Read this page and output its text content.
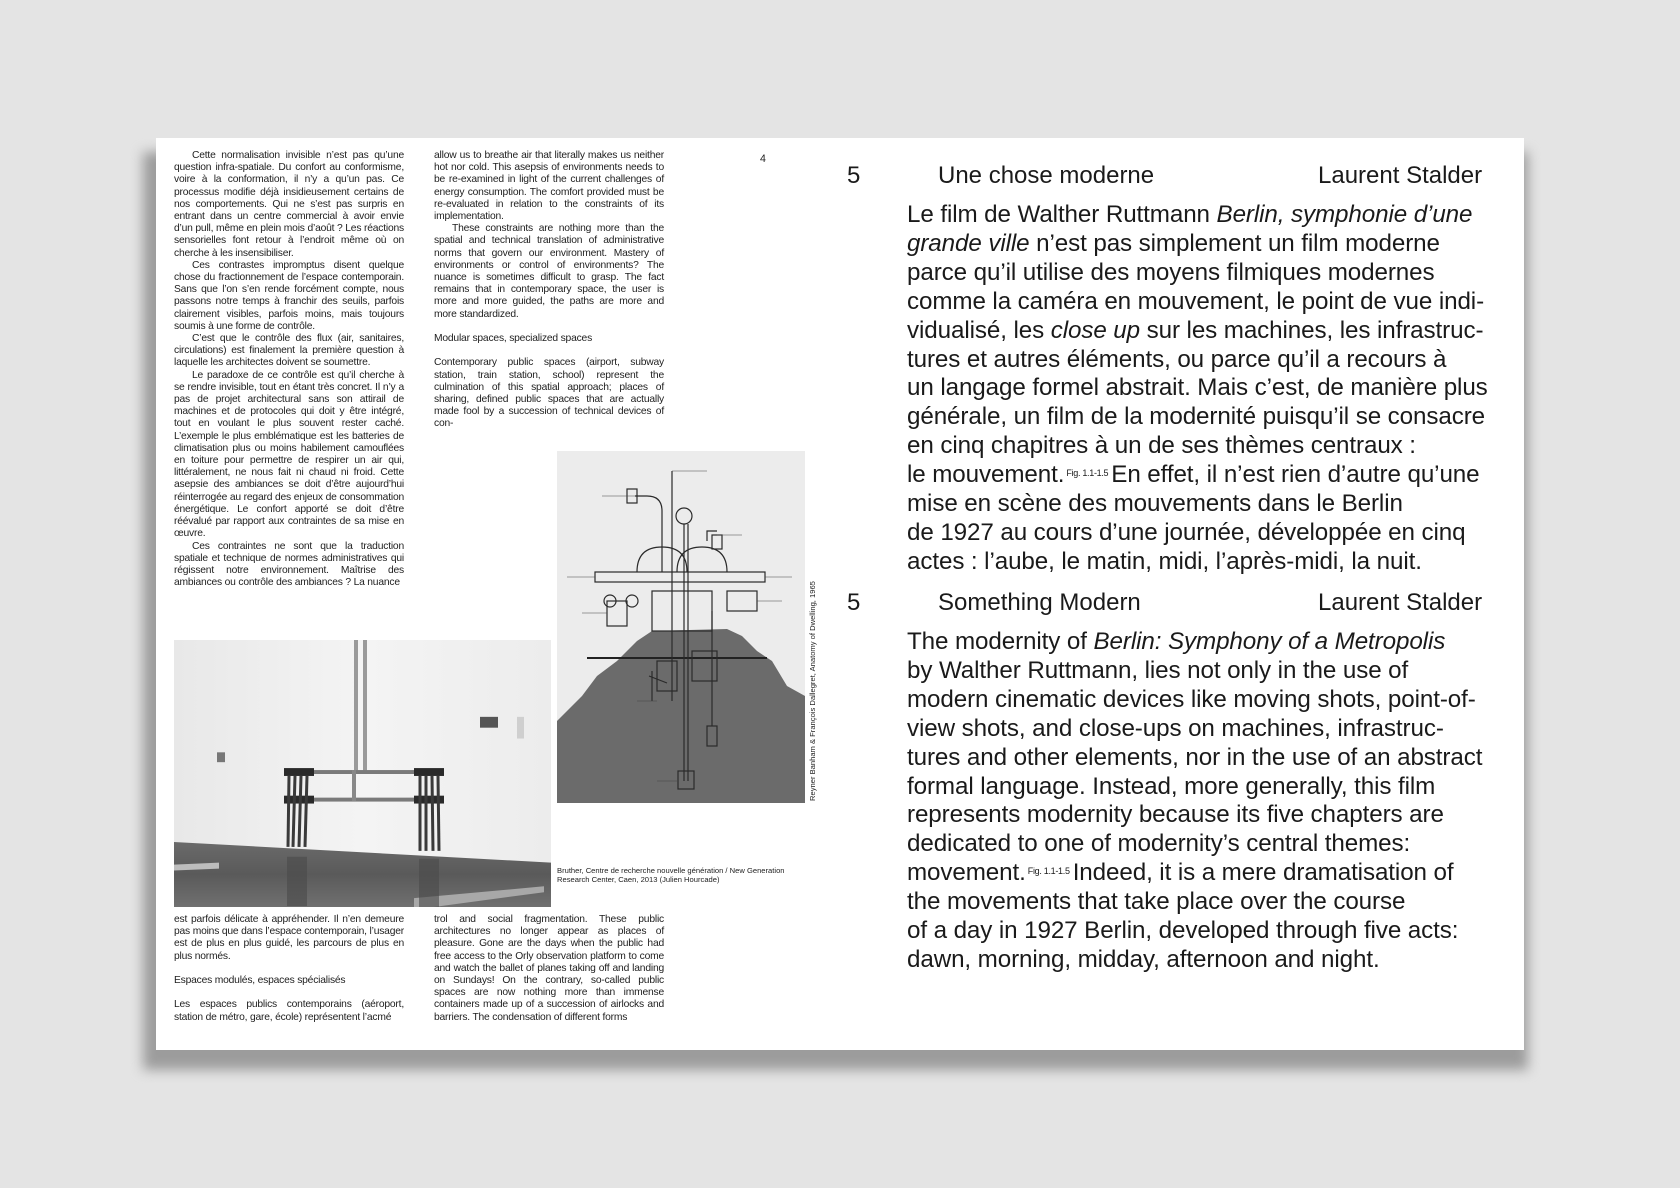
Cette normalisation invisible n’est pas qu’une question infra-spatiale. Du confort au conformisme, voire à la conformation, il n’y a qu’un pas. Ce processus modifie déjà insidieusement certains de nos comportements. Qui ne s’est pas surpris en entrant dans un centre commercial à avoir envie d’un pull, même en plein mois d’août ? Les réactions sensorielles font retour à l’endroit même où on cherche à les insensibiliser.

Ces contrastes impromptus disent quelque chose du fractionnement de l’espace contemporain. Sans que l’on s’en rende forcément compte, nous passons notre temps à franchir des seuils, parfois clairement visibles, parfois moins, mais toujours soumis à une forme de contrôle.

C’est que le contrôle des flux (air, sanitaires, circulations) est finalement la première question à laquelle les architectes doivent se soumettre.

Le paradoxe de ce contrôle est qu’il cherche à se rendre invisible, tout en étant très concret. Il n’y a pas de projet architectural sans son attirail de machines et de protocoles qui doit y être intégré, tout en voulant le plus souvent rester caché. L’exemple le plus emblématique est les batteries de climatisation plus ou moins habilement camouflées en toiture pour permettre de respirer un air qui, littéralement, ne nous fait ni chaud ni froid. Cette asepsie des ambiances se doit d’être aujourd’hui réinterrogée au regard des enjeux de consommation énergétique. Le confort apporté se doit d’être réévalué par rapport aux contraintes de sa mise en œuvre.

Ces contraintes ne sont que la traduction spatiale et technique de normes administratives qui régissent notre environnement. Maîtrise des ambiances ou contrôle des ambiances ? La nuance

allow us to breathe air that literally makes us neither hot nor cold. This asepsis of environments needs to be re-examined in light of the current challenges of energy consumption. The comfort provided must be re-evaluated in relation to the constraints of its implementation.

These constraints are nothing more than the spatial and technical translation of administrative norms that govern our environment. Mastery of environments or control of environments? The nuance is sometimes difficult to grasp. The fact remains that in contemporary space, the user is more and more guided, the paths are more and more standardized.

Modular spaces, specialized spaces

Contemporary public spaces (airport, subway station, train station, school) represent the culmination of this spatial approach; places of sharing, defined public spaces that are actually made fool by a succession of technical devices of con-

4
Bruther, Centre de recherche nouvelle génération / New Generation
Research Center, Caen, 2013 (Julien Hourcade)
Reyner Banham & François Dallegret, Anatomy of Dwelling, 1965

est parfois délicate à appréhender. Il n’en demeure pas moins que dans l’espace contemporain, l’usager est de plus en plus guidé, les parcours de plus en plus normés.

Espaces modulés, espaces spécialisés

Les espaces publics contemporains (aéroport, station de métro, gare, école) représentent l’acmé

trol and social fragmentation. These public architectures no longer appear as places of pleasure. Gone are the days when the public had free access to the Orly observation platform to come and watch the ballet of planes taking off and landing on Sundays! On the contrary, so-called public spaces are now nothing more than immense containers made up of a succession of airlocks and barriers. The condensation of different forms

5	Une chose moderne	Laurent Stalder
Le film de Walther Ruttmann Berlin, symphonie d’une
grande ville n’est pas simplement un film moderne
parce qu’il utilise des moyens filmiques modernes
comme la caméra en mouvement, le point de vue indi-
vidualisé, les close up sur les machines, les infrastruc-
tures et autres éléments, ou parce qu’il a recours à
un langage formel abstrait. Mais c’est, de manière plus
générale, un film de la modernité puisqu’il se consacre
en cinq chapitres à un de ses thèmes centraux :
le mouvement. $^{Fig. 1.1-1.5}$ En effet, il n’est rien d’autre qu’une
mise en scène des mouvements dans le Berlin
de 1927 au cours d’une journée, développée en cinq
actes : l’aube, le matin, midi, l’après-midi, la nuit.
5	Something Modern	Laurent Stalder
The modernity of Berlin: Symphony of a Metropolis
by Walther Ruttmann, lies not only in the use of
modern cinematic devices like moving shots, point-of-
view shots, and close-ups on machines, infrastruc-
tures and other elements, nor in the use of an abstract
formal language. Instead, more generally, this film
represents modernity because its five chapters are
dedicated to one of modernity’s central themes:
movement. $^{Fig. 1.1-1.5}$ Indeed, it is a mere dramatisation of
the movements that take place over the course
of a day in 1927 Berlin, developed through five acts:
dawn, morning, midday, afternoon and night.
